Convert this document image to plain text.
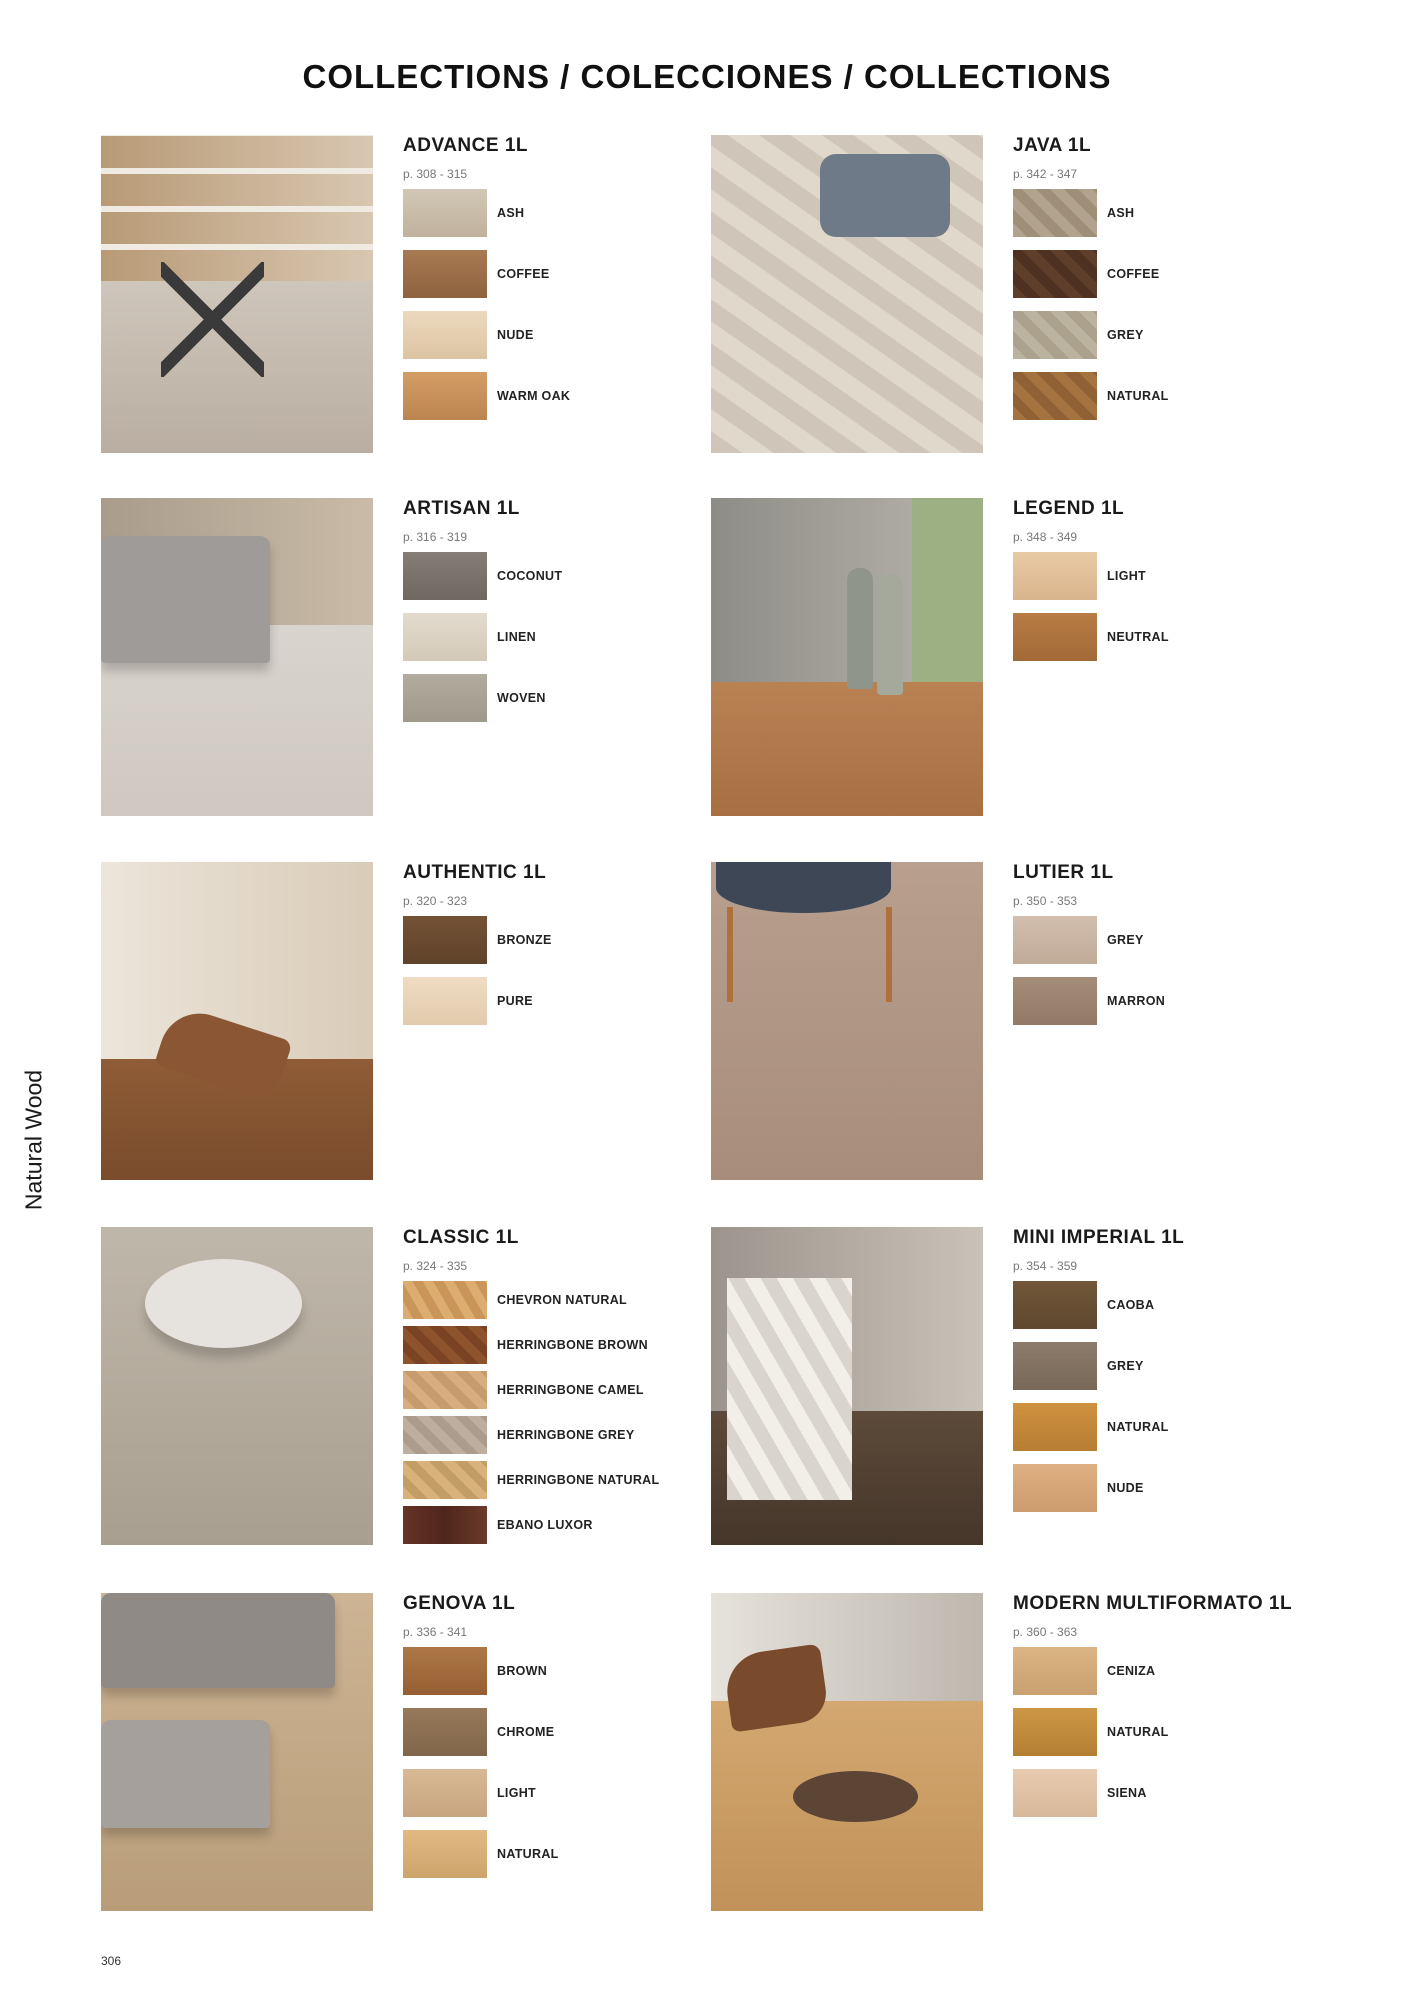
COLLECTIONS / COLECCIONES / COLLECTIONS
ADVANCE 1L
p. 308 - 315
ASH
COFFEE
NUDE
WARM OAK
JAVA 1L
p. 342 - 347
ASH
COFFEE
GREY
NATURAL
ARTISAN 1L
p. 316 - 319
COCONUT
LINEN
WOVEN
LEGEND 1L
p. 348 - 349
LIGHT
NEUTRAL
AUTHENTIC 1L
p. 320 - 323
BRONZE
PURE
LUTIER 1L
p. 350 - 353
GREY
MARRON
CLASSIC 1L
p. 324 - 335
CHEVRON NATURAL
HERRINGBONE BROWN
HERRINGBONE CAMEL
HERRINGBONE GREY
HERRINGBONE NATURAL
EBANO LUXOR
MINI IMPERIAL 1L
p. 354 - 359
CAOBA
GREY
NATURAL
NUDE
GENOVA 1L
p. 336 - 341
BROWN
CHROME
LIGHT
NATURAL
MODERN MULTIFORMATO 1L
p. 360 - 363
CENIZA
NATURAL
SIENA
Natural Wood
306
